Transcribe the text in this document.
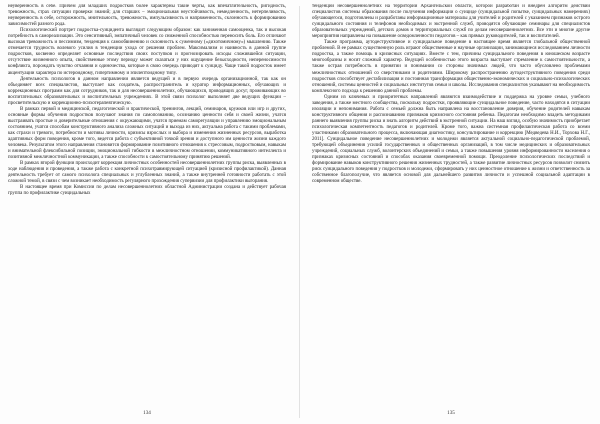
неуверенность в себе. Причем для младших подростков более характерны такие черты, как впечатлительность, ригидность, тревожность, страх ситуации проверки знаний; для старших – эмоциональная неустойчивость, немедленность, нетерпеливость, неуверенность в себе, осторожность, мнительность, тревожность, импульсивность и напряженность, склонность к формированию зависимостей разного рода.

Психологический портрет подростка-суицидента выглядит следующим образом: как заниженная самооценка, так и высокая потребность в самореализации. Это сенситивный, эмпатичный человек со сниженной способностью переносить боль. Его отличают высокая тревожность и пессимизм, тенденция к самообвинению и склонность к суженному («дихотомичному») мышлению. Также отмечается трудность волевого усилия в тенденции ухода от решения проблем. Максимализм и наивность в данной группе подростков, косвенно определяет основные последствия своих поступков и прогнозировать исходы сложившейся ситуации, отсутствие жизненного опыта, свойственные этому периоду может сказаться у них ощущение безысходности, непереносимости конфликта, порождать чувство отчаяния и одиночества, которые в свою очередь приводят к суициду. Чаще такой подросток имеет акцентуации характера по истероидному, гипертимному и эпилептоидному типу.

Деятельность психологов в данном направлении является ведущей и в первую очередь организационной, так как он объединяет всех специалистов, выступает как создатель, распространитель и куратор информационных, обучающих и коррекционных программ как для сотрудников, так и для несовершеннолетних, обучающихся, проводящих досуг, проживающих во воспитательных образовательных и воспитательных учреждениях. В этой связи психолог выполняет две ведущих функции – просветительскую и коррекционно-психотерапевтическую.

В рамках первой и медицинской, педагогической и практической, тренингов, лекций, семинаров, кружков или игр и других, основные формы обучения подростков получают знания по самопознанию, осознанию ценности себя и своей жизни, учатся выстраивать простые и доверительные отношения с окружающими, учатся приемам саморегуляции и управлению эмоциональным состоянием, учатся способам конструктивного анализа сложных ситуаций и выхода из них, актуальна работа с такими проблемами, как страхи и тревоги, потребности и мотивы личности, кризисы взрослых и выбора и изменения жизненных ресурсов, выработка адаптивных форм поведения, кроме того, ведется работа с субъективной точкой зрения и доступного им ценности жизни каждого человека. Результатом этого направления становится формирование позитивного отношения к стрессовым, подростковым, навыкам и внимательной флексибильной позиции, эмоциональной гибкости в межличностном отношении, коммуникативного интеллекта и позитивной межличностной коммуникации, а также способности к самостоятельному принятию решений.

В рамках второй функции происходит коррекция личностных особенностей несовершеннолетних группы риска, выявленных в ходе наблюдения и проведения, а также работа с конкретной психотравмирующей ситуацией (кризисной профилактикой). Данная деятельность требует от самого психолога специальных и углубленных знаний, а также внутренней готовности работать с этой сложной темой, в связи с чем возникает необходимость регулярного прохождения супервизии для профилактики выгорания.

В настоящее время при Комиссии по делам несовершеннолетних областной Администрации создана и действует рабочая группа по профилактике суицидальных

134

тенденций несовершеннолетних на территории Архангельской области, которой разработан и внедрен алгоритм действий специалистов системы образования после получения информации о суициде (суицидальной попытке, суицидальных намерениях) обучающегося, подготовлены и разработаны информационные материалы для учителей и родителей с указанием признаков острого суицидального состояния и телефонов необходимых и экстренной служб, проводятся обучающие семинары для специалистов образовательных учреждений, детских домов и территориальных служб по делам несовершеннолетних. Все эти и многие другие мероприятия направлены на повышение осведомленности педагогов – как прямых руководителей, так и воспитателей.

Также программа, аутодеструктивное и суицидальное поведение в настоящее время является глобальной общественной проблемой. В ее рамках существенную роль играют общественные и научные организации, занимающиеся исследованием личности подростка, а также помощь в кризисных ситуациях. Вместе с тем, причины суицидального поведения в юношеском возрасте многообразны и носят сложный характер. Ведущей особенностью этого возраста выступает стремление к самостоятельности, а также острая потребность в принятии и понимании со стороны значимых людей, что часто обусловлено проблемами межличностных отношений со сверстниками и родителями. Широкому распространению аутодеструктивного поведения среди подростков способствует дестабилизация и постоянная трансформация общественно-экономических и социально-психологических отношений, системы ценностей и социальных институтов семьи и школы. Исследования специалистов указывают на необходимость комплексного подхода к решению данной проблемы.

Одним из ключевых и приоритетных направлений являются взаимодействие и поддержка на уровне семьи, учебного заведения, а также местного сообщества, поскольку подростки, проявляющие суицидальное поведение, часто находятся в ситуации изоляции и непонимания. Работа с семьей должна быть направлена на восстановление доверия, обучение родителей навыкам конструктивного общения и распознаванию признаков кризисного состояния ребенка. Педагогам необходимо владеть методиками раннего выявления группы риска и знать алгоритм действий в экстренной ситуации. На наш взгляд, особую значимость приобретает психологическая компетентность педагогов и родителей. Кроме того, важна системная профилактическая работа со всеми участниками образовательного процесса, включающая диагностику, консультирование и коррекцию [Медведева Н.И., Торхова Н.Г., 2011]. Суицидальное поведение несовершеннолетних и молодежи является актуальной социально-педагогической проблемой, требующей объединения усилий государственных и общественных организаций, в том числе медицинских и образовательных учреждений, социальных служб, волонтерских объединений и семьи, а также повышения уровня информированности населения о признаках кризисных состояний и способах оказания своевременной помощи. Преодоление психологических последствий и формирование навыков конструктивного решения жизненных трудностей, а также развитие личностных ресурсов позволит снизить риск суицидального поведения у подростков и молодежи, сформировать у них ценностное отношение к жизни и ответственность за собственное благополучие, что является основой для дальнейшего развития личности и успешной социальной адаптации в современном обществе.

135
